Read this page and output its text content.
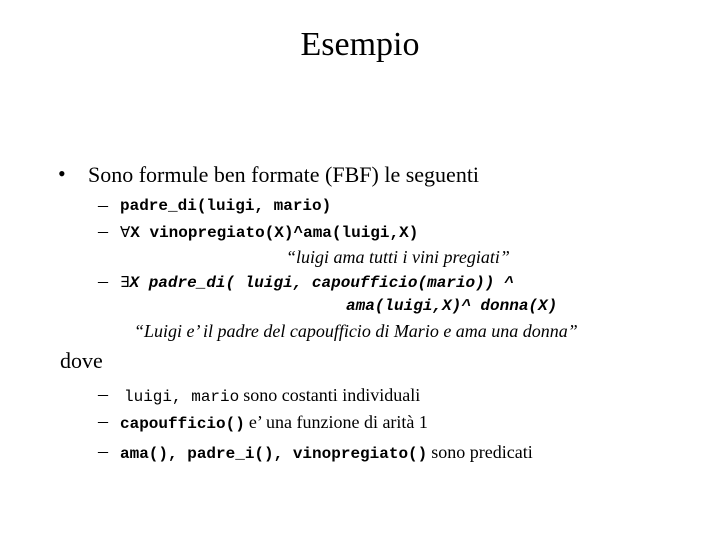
Esempio
• Sono formule ben formate (FBF) le seguenti
– padre_di(luigi, mario)
– ∀X vinopregiato(X)^ama(luigi,X)
“luigi ama tutti i vini pregiati”
– ∃X padre_di( luigi, capoufficio(mario)) ^
ama(luigi,X)^ donna(X)
“Luigi e’ il padre del capoufficio di Mario e ama una donna”
dove
– luigi, mario sono costanti individuali
– capoufficio() e’ una funzione di arità 1
– ama(), padre_i(), vinopregiato() sono predicati
